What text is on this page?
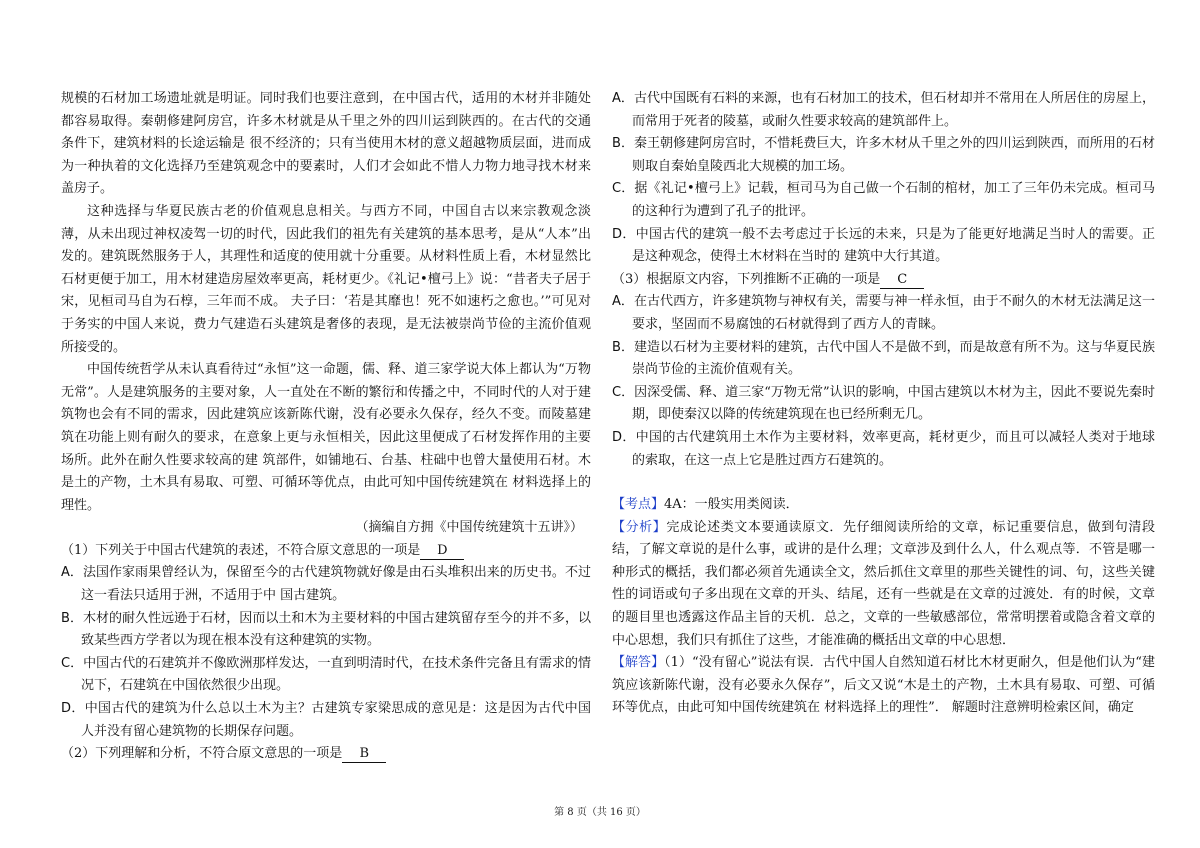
规模的石材加工场遗址就是明证。同时我们也要注意到，在中国古代，适用的木材并非随处都容易取得。秦朝修建阿房宫，许多木材就是从千里之外的四川运到陕西的。在古代的交通条件下，建筑材料的长途运输是 很不经济的；只有当使用木材的意义超越物质层面，进而成为一种执着的文化选择乃至建筑观念中的要素时，人们才会如此不惜人力物力地寻找木材来盖房子。

这种选择与华夏民族古老的价值观息息相关。与西方不同，中国自古以来宗教观念淡薄，从未出现过神权凌驾一切的时代，因此我们的祖先有关建筑的基本思考，是从“人本”出发的。建筑既然服务于人，其理性和适度的使用就十分重要。从材料性质上看，木材显然比石材更便于加工，用木材建造房屋效率更高，耗材更少。《礼记•檀弓上》说：“昔者夫子居于宋，见桓司马自为石椁，三年而不成。 夫子曰：‘若是其靡也！死不如速朽之愈也。’”可见对于务实的中国人来说，费力气建造石头建筑是奢侈的表现，是无法被崇尚节俭的主流价值观所接受的。

中国传统哲学从未认真看待过“永恒”这一命题，儒、释、道三家学说大体上都认为“万物无常”。人是建筑服务的主要对象，人一直处在不断的繁衍和传播之中，不同时代的人对于建筑物也会有不同的需求，因此建筑应该新陈代谢，没有必要永久保存，经久不变。而陵墓建筑在功能上则有耐久的要求，在意象上更与永恒相关，因此这里便成了石材发挥作用的主要场所。此外在耐久性要求较高的建 筑部件，如铺地石、台基、柱础中也曾大量使用石材。木是土的产物，土木具有易取、可塑、可循环等优点，由此可知中国传统建筑在 材料选择上的理性。

（摘编自方拥《中国传统建筑十五讲》）

（1）下列关于中国古代建筑的表述，不符合原文意思的一项是 D

A．法国作家雨果曾经认为，保留至今的古代建筑物就好像是由石头堆积出来的历史书。不过这一看法只适用于洲，不适用于中 国古建筑。

B．木材的耐久性远逊于石材，因而以土和木为主要材料的中国古建筑留存至今的并不多，以致某些西方学者以为现在根本没有这种建筑的实物。

C．中国古代的石建筑并不像欧洲那样发达，一直到明清时代，在技术条件完备且有需求的情况下，石建筑在中国依然很少出现。

D．中国古代的建筑为什么总以土木为主？古建筑专家梁思成的意见是：这是因为古代中国人并没有留心建筑物的长期保存问题。

（2）下列理解和分析，不符合原文意思的一项是 B

A．古代中国既有石料的来源，也有石材加工的技术，但石材却并不常用在人所居住的房屋上，而常用于死者的陵墓，或耐久性要求较高的建筑部件上。

B．秦王朝修建阿房宫时，不惜耗费巨大，许多木材从千里之外的四川运到陕西，而所用的石材则取自秦始皇陵西北大规模的加工场。

C．据《礼记•檀弓上》记载，桓司马为自己做一个石制的棺材，加工了三年仍未完成。桓司马的这种行为遭到了孔子的批评。

D．中国古代的建筑一般不去考虑过于长远的未来，只是为了能更好地满足当时人的需要。正是这种观念，使得土木材料在当时的 建筑中大行其道。

（3）根据原文内容，下列推断不正确的一项是 C

A．在古代西方，许多建筑物与神权有关，需要与神一样永恒，由于不耐久的木材无法满足这一要求，坚固而不易腐蚀的石材就得到了西方人的青睐。

B．建造以石材为主要材料的建筑，古代中国人不是做不到，而是故意有所不为。这与华夏民族崇尚节俭的主流价值观有关。

C．因深受儒、释、道三家“万物无常”认识的影响，中国古建筑以木材为主，因此不要说先秦时期，即使秦汉以降的传统建筑现在也已经所剩无几。

D．中国的古代建筑用土木作为主要材料，效率更高，耗材更少，而且可以减轻人类对于地球的索取，在这一点上它是胜过西方石建筑的。

【考点】4A：一般实用类阅读．

【分析】完成论述类文本要通读原文．先仔细阅读所给的文章，标记重要信息，做到句清段结，了解文章说的是什么事，或讲的是什么理；文章涉及到什么人，什么观点等．不管是哪一种形式的概括，我们都必须首先通读全文，然后抓住文章里的那些关键性的词、句，这些关键性的词语或句子多出现在文章的开头、结尾，还有一些就是在文章的过渡处．有的时候，文章的题目里也透露这作品主旨的天机．总之，文章的一些敏感部位，常常明摆着或隐含着文章的中心思想，我们只有抓住了这些，才能准确的概括出文章的中心思想．

【解答】（1）“没有留心”说法有误．古代中国人自然知道石材比木材更耐久，但是他们认为“建筑应该新陈代谢，没有必要永久保存”，后文又说“木是土的产物，土木具有易取、可塑、可循环等优点，由此可知中国传统建筑在 材料选择上的理性”． 解题时注意辨明检索区间，确定

第 8 页（共 16 页）
